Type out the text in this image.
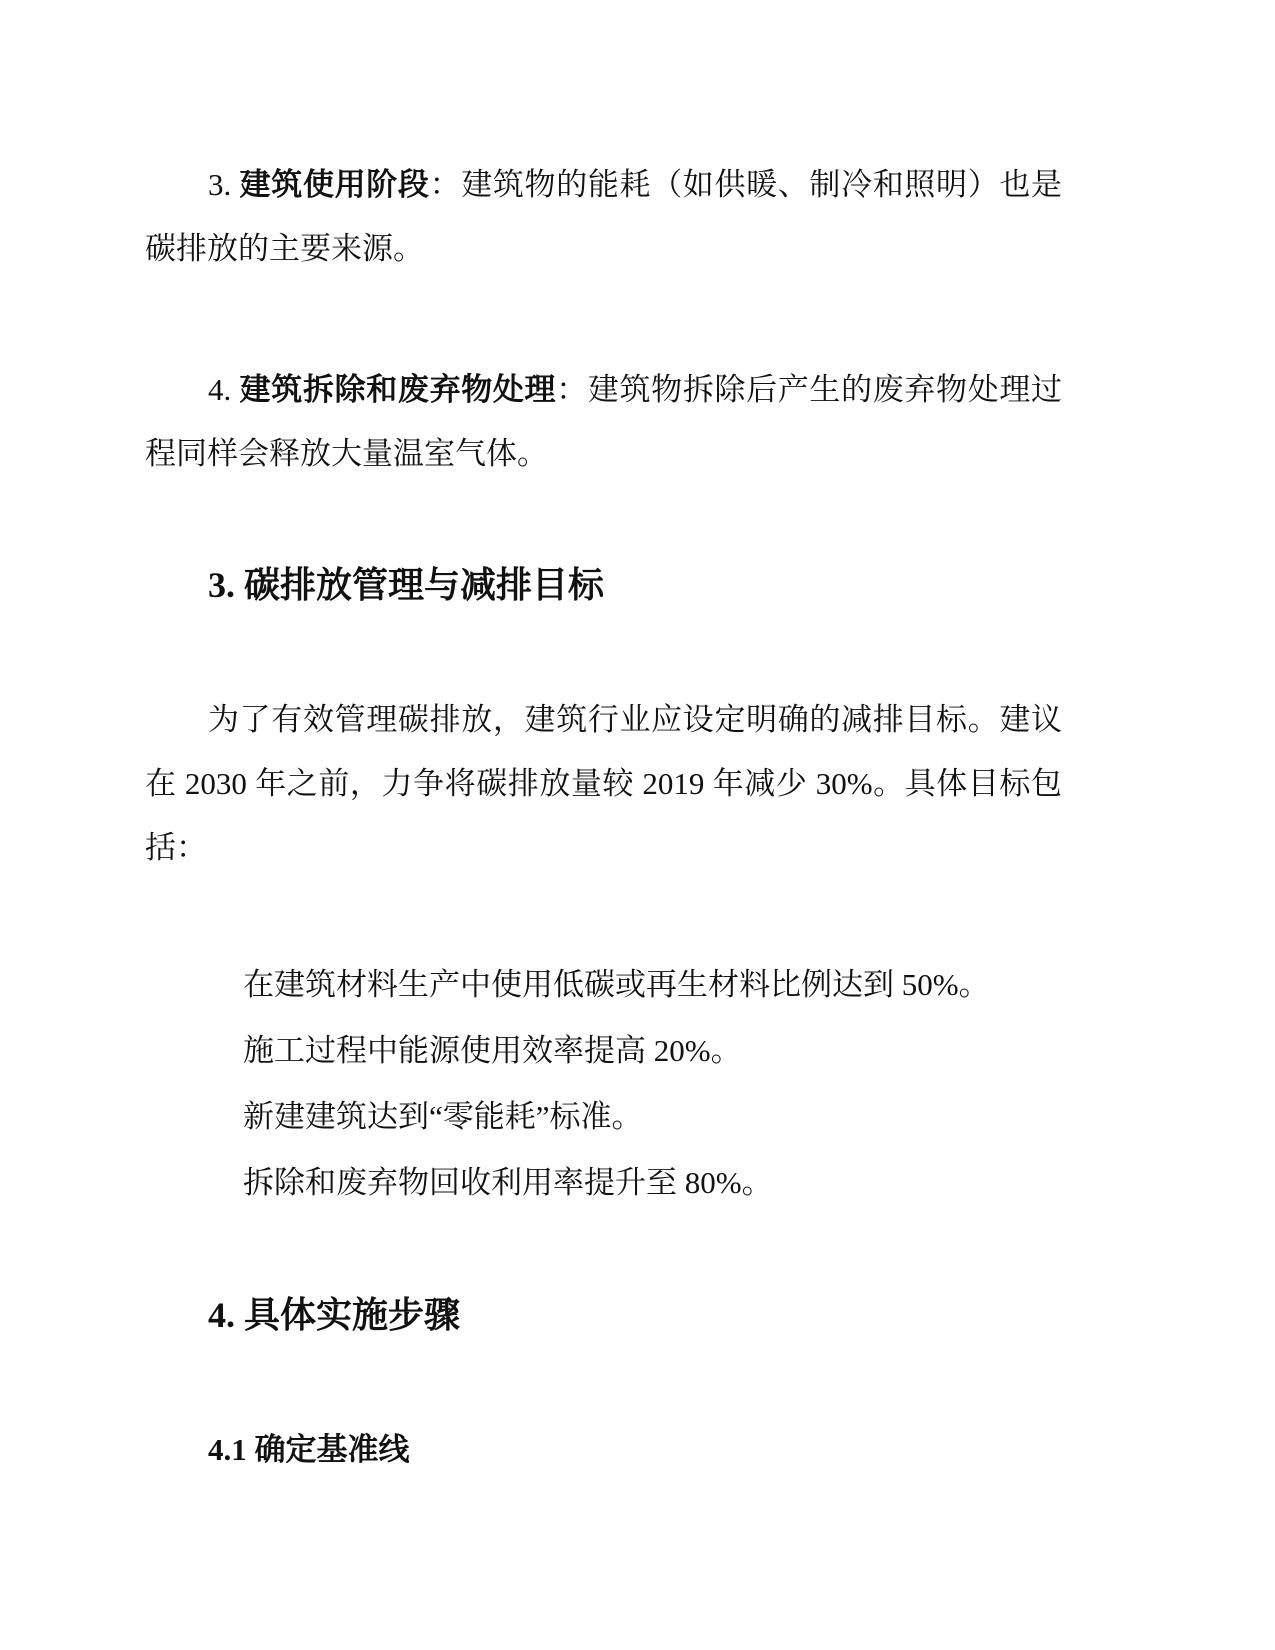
3. 建筑使用阶段：建筑物的能耗（如供暖、制冷和照明）也是
碳排放的主要来源。
4. 建筑拆除和废弃物处理：建筑物拆除后产生的废弃物处理过
程同样会释放大量温室气体。
3. 碳排放管理与减排目标
为了有效管理碳排放，建筑行业应设定明确的减排目标。建议
在 2030 年之前，力争将碳排放量较 2019 年减少 30%。具体目标包
括：
在建筑材料生产中使用低碳或再生材料比例达到 50%。
施工过程中能源使用效率提高 20%。
新建建筑达到“零能耗”标准。
拆除和废弃物回收利用率提升至 80%。
4. 具体实施步骤
4.1 确定基准线
